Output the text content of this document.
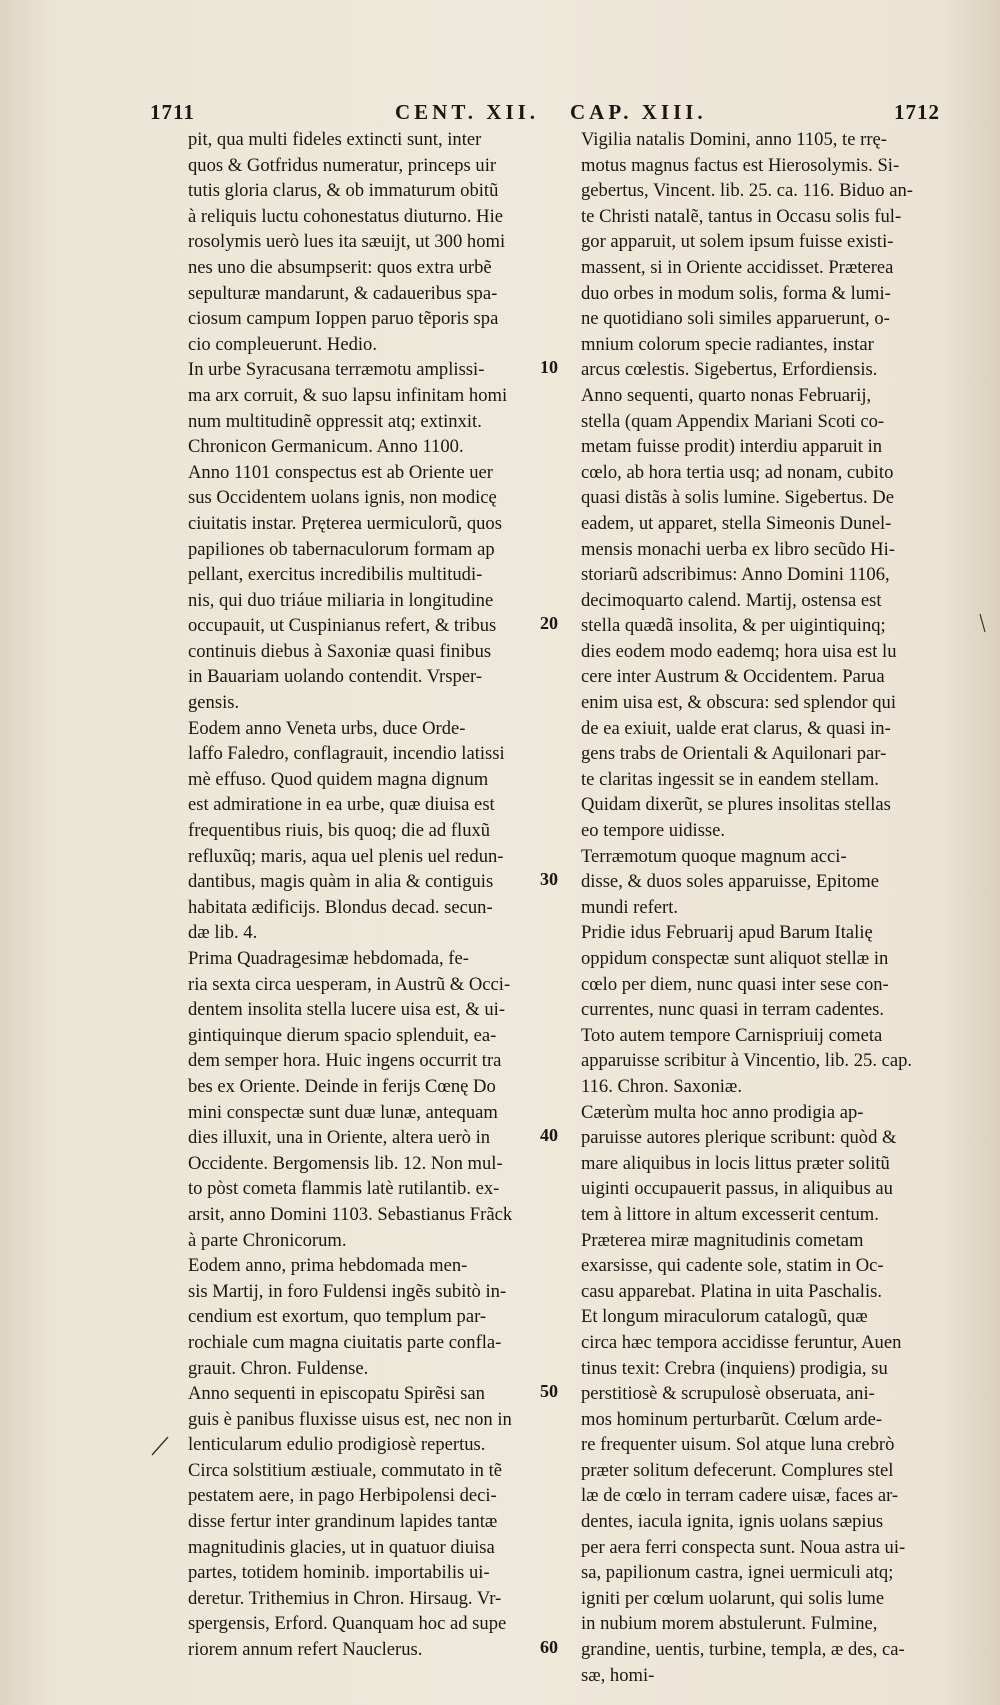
1711	CENT. XII. CAP. XIII.	1712
pit, qua multi fideles extincti sunt, inter
quos & Gotfridus numeratur, princeps uir
tutis gloria clarus, & ob immaturum obitũ
à reliquis luctu cohonestatus diuturno. Hie
rosolymis uerò lues ita sæuijt, ut 300 homi
nes uno die absumpserit: quos extra urbẽ
sepulturæ mandarunt, & cadaueribus spa-
ciosum campum Ioppen paruo tẽporis spa
cio compleuerunt. Hedio.
In urbe Syracusana terræmotu amplissi-
ma arx corruit, & suo lapsu infinitam homi
num multitudinẽ oppressit atq; extinxit.
Chronicon Germanicum. Anno 1100.
Anno 1101 conspectus est ab Oriente uer
sus Occidentem uolans ignis, non modicę
ciuitatis instar. Pręterea uermiculorũ, quos
papiliones ob tabernaculorum formam ap
pellant, exercitus incredibilis multitudi-
nis, qui duo triáue miliaria in longitudine
occupauit, ut Cuspinianus refert, & tribus
continuis diebus à Saxoniæ quasi finibus
in Bauariam uolando contendit. Vrsper-
gensis.
Eodem anno Veneta urbs, duce Orde-
laffo Faledro, conflagrauit, incendio latissi
mè effuso. Quod quidem magna dignum
est admiratione in ea urbe, quæ diuisa est
frequentibus riuis, bis quoq; die ad fluxũ
refluxũq; maris, aqua uel plenis uel redun-
dantibus, magis quàm in alia & contiguis
habitata ædificijs. Blondus decad. secun-
dæ lib. 4.
Prima Quadragesimæ hebdomada, fe-
ria sexta circa uesperam, in Austrũ & Occi-
dentem insolita stella lucere uisa est, & ui-
gintiquinque dierum spacio splenduit, ea-
dem semper hora. Huic ingens occurrit tra
bes ex Oriente. Deinde in ferijs Cœnę Do
mini conspectæ sunt duæ lunæ, antequam
dies illuxit, una in Oriente, altera uerò in
Occidente. Bergomensis lib. 12. Non mul-
to pòst cometa flammis latè rutilantib. ex-
arsit, anno Domini 1103. Sebastianus Frãck
à parte Chronicorum.
Eodem anno, prima hebdomada men-
sis Martij, in foro Fuldensi ingẽs subitò in-
cendium est exortum, quo templum par-
rochiale cum magna ciuitatis parte confla-
grauit. Chron. Fuldense.
Anno sequenti in episcopatu Spirẽsi san
guis è panibus fluxisse uisus est, nec non in
lenticularum edulio prodigiosè repertus.
Circa solstitium æstiuale, commutato in tẽ
pestatem aere, in pago Herbipolensi deci-
disse fertur inter grandinum lapides tantæ
magnitudinis glacies, ut in quatuor diuisa
partes, totidem hominib. importabilis ui-
deretur. Trithemius in Chron. Hirsaug. Vr-
spergensis, Erford. Quanquam hoc ad supe
riorem annum refert Nauclerus.
Vigilia natalis Domini, anno 1105, te rrę-
motus magnus factus est Hierosolymis. Si-
gebertus, Vincent. lib. 25. ca. 116. Biduo an-
te Christi natalẽ, tantus in Occasu solis ful-
gor apparuit, ut solem ipsum fuisse existi-
massent, si in Oriente accidisset. Præterea
duo orbes in modum solis, forma & lumi-
ne quotidiano soli similes apparuerunt, o-
mnium colorum specie radiantes, instar
arcus cœlestis. Sigebertus, Erfordiensis.
Anno sequenti, quarto nonas Februarij,
stella (quam Appendix Mariani Scoti co-
metam fuisse prodit) interdiu apparuit in
cœlo, ab hora tertia usq; ad nonam, cubito
quasi distãs à solis lumine. Sigebertus. De
eadem, ut apparet, stella Simeonis Dunel-
mensis monachi uerba ex libro secũdo Hi-
storiarũ adscribimus: Anno Domini 1106,
decimoquarto calend. Martij, ostensa est
stella quædã insolita, & per uigintiquinq;
dies eodem modo eademq; hora uisa est lu
cere inter Austrum & Occidentem. Parua
enim uisa est, & obscura: sed splendor qui
de ea exiuit, ualde erat clarus, & quasi in-
gens trabs de Orientali & Aquilonari par-
te claritas ingessit se in eandem stellam.
Quidam dixerũt, se plures insolitas stellas
eo tempore uidisse.
Terræmotum quoque magnum acci-
disse, & duos soles apparuisse, Epitome
mundi refert.
Pridie idus Februarij apud Barum Italię
oppidum conspectæ sunt aliquot stellæ in
cœlo per diem, nunc quasi inter sese con-
currentes, nunc quasi in terram cadentes.
Toto autem tempore Carnispriuij cometa
apparuisse scribitur à Vincentio, lib. 25. cap.
116. Chron. Saxoniæ.
Cæterùm multa hoc anno prodigia ap-
paruisse autores plerique scribunt: quòd &
mare aliquibus in locis littus præter solitũ
uiginti occupauerit passus, in aliquibus au
tem à littore in altum excesserit centum.
Præterea miræ magnitudinis cometam
exarsisse, qui cadente sole, statim in Oc-
casu apparebat. Platina in uita Paschalis.
Et longum miraculorum catalogũ, quæ
circa hæc tempora accidisse feruntur, Auen
tinus texit: Crebra (inquiens) prodigia, su
perstitiosè & scrupulosè obseruata, ani-
mos hominum perturbarũt. Cœlum arde-
re frequenter uisum. Sol atque luna crebrò
præter solitum defecerunt. Complures stel
læ de cœlo in terram cadere uisæ, faces ar-
dentes, iacula ignita, ignis uolans sæpius
per aera ferri conspecta sunt. Noua astra ui-
sa, papilionum castra, ignei uermiculi atq;
igniti per cœlum uolarunt, qui solis lume
in nubium morem abstulerunt. Fulmine,
grandine, uentis, turbine, templa, æ des, ca-
sæ, homi-
10
20
30
40
50
60
